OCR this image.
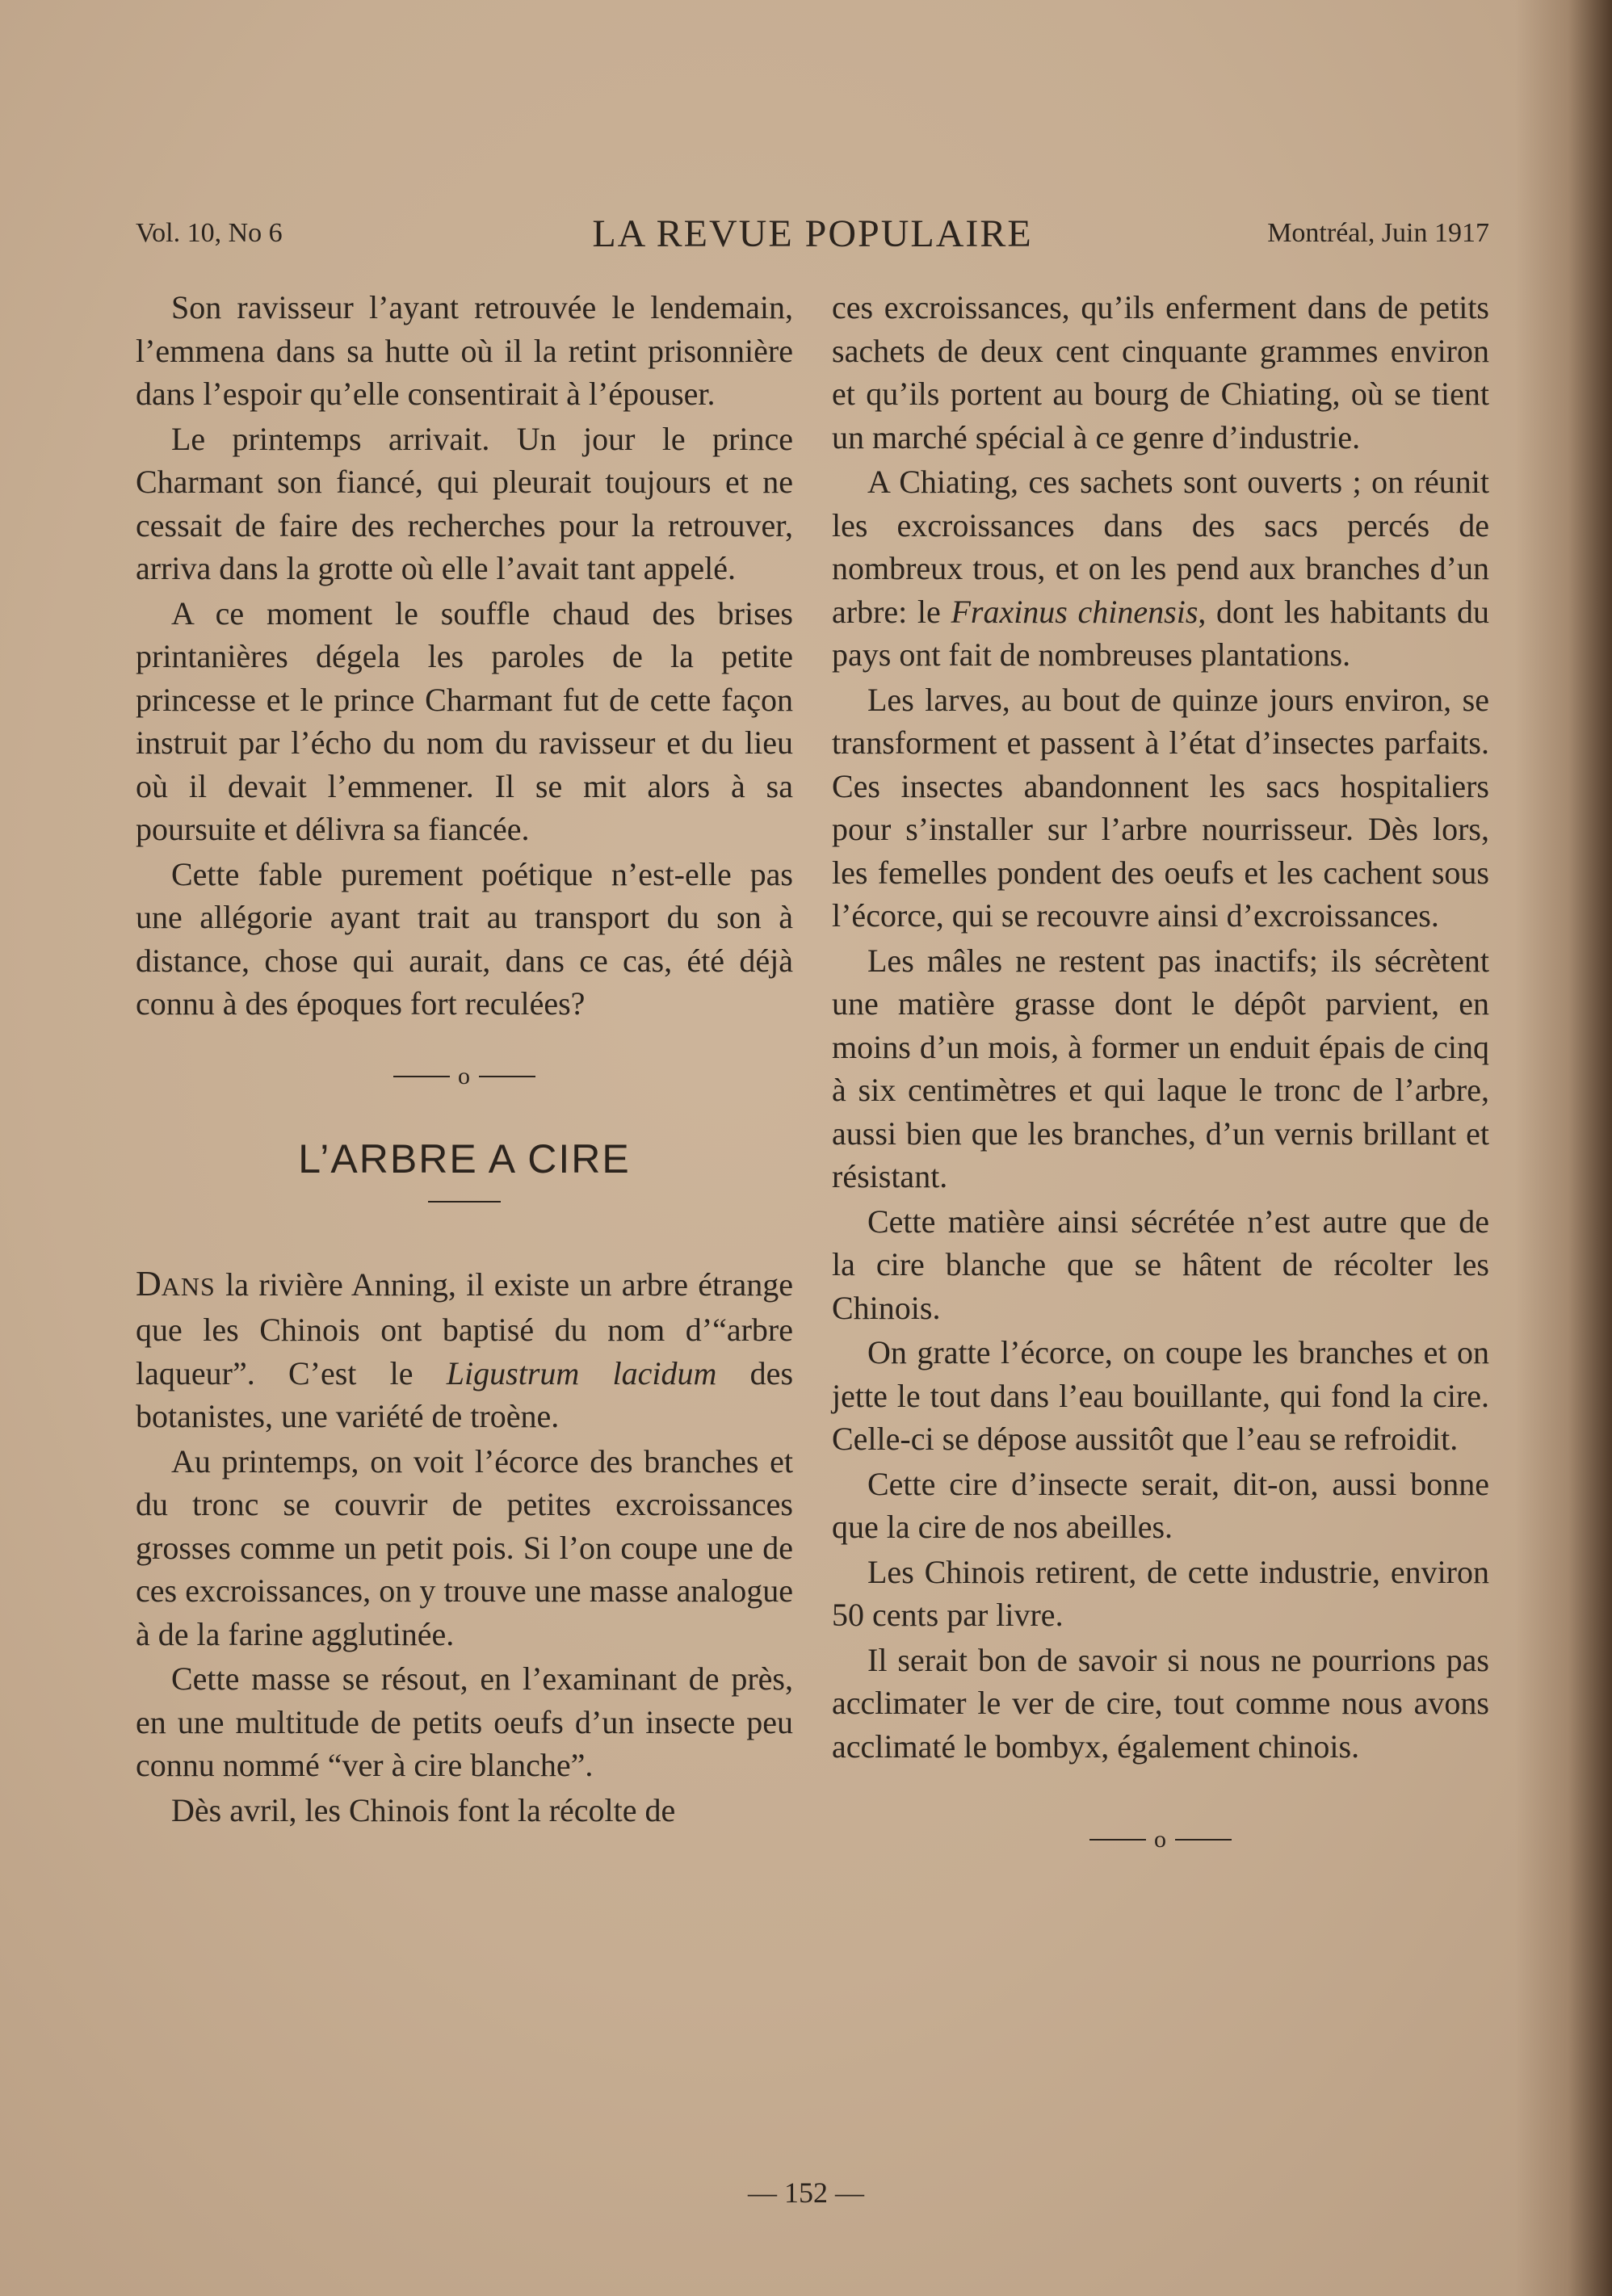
Vol. 10, No 6	LA REVUE POPULAIRE	Montréal, Juin 1917

Son ravisseur l’ayant retrouvée le lendemain, l’emmena dans sa hutte où il la retint prisonnière dans l’espoir qu’elle consentirait à l’épouser.

Le printemps arrivait. Un jour le prince Charmant son fiancé, qui pleurait toujours et ne cessait de faire des recherches pour la retrouver, arriva dans la grotte où elle l’avait tant appelé.

A ce moment le souffle chaud des brises printanières dégela les paroles de la petite princesse et le prince Charmant fut de cette façon instruit par l’écho du nom du ravisseur et du lieu où il devait l’emmener. Il se mit alors à sa poursuite et délivra sa fiancée.

Cette fable purement poétique n’est-elle pas une allégorie ayant trait au transport du son à distance, chose qui aurait, dans ce cas, été déjà connu à des époques fort reculées?

o
L’ARBRE A CIRE

DANS la rivière Anning, il existe un arbre étrange que les Chinois ont baptisé du nom d’“arbre laqueur”. C’est le Ligustrum lacidum des botanistes, une variété de troène.

Au printemps, on voit l’écorce des branches et du tronc se couvrir de petites excroissances grosses comme un petit pois. Si l’on coupe une de ces excroissances, on y trouve une masse analogue à de la farine agglutinée.

Cette masse se résout, en l’examinant de près, en une multitude de petits oeufs d’un insecte peu connu nommé “ver à cire blanche”.

Dès avril, les Chinois font la récolte de

ces excroissances, qu’ils enferment dans de petits sachets de deux cent cinquante grammes environ et qu’ils portent au bourg de Chiating, où se tient un marché spécial à ce genre d’industrie.

A Chiating, ces sachets sont ouverts ; on réunit les excroissances dans des sacs percés de nombreux trous, et on les pend aux branches d’un arbre: le Fraxinus chinensis, dont les habitants du pays ont fait de nombreuses plantations.

Les larves, au bout de quinze jours environ, se transforment et passent à l’état d’insectes parfaits. Ces insectes abandonnent les sacs hospitaliers pour s’installer sur l’arbre nourrisseur. Dès lors, les femelles pondent des oeufs et les cachent sous l’écorce, qui se recouvre ainsi d’excroissances.

Les mâles ne restent pas inactifs; ils sécrètent une matière grasse dont le dépôt parvient, en moins d’un mois, à former un enduit épais de cinq à six centimètres et qui laque le tronc de l’arbre, aussi bien que les branches, d’un vernis brillant et résistant.

Cette matière ainsi sécrétée n’est autre que de la cire blanche que se hâtent de récolter les Chinois.

On gratte l’écorce, on coupe les branches et on jette le tout dans l’eau bouillante, qui fond la cire. Celle-ci se dépose aussitôt que l’eau se refroidit.

Cette cire d’insecte serait, dit-on, aussi bonne que la cire de nos abeilles.

Les Chinois retirent, de cette industrie, environ 50 cents par livre.

Il serait bon de savoir si nous ne pourrions pas acclimater le ver de cire, tout comme nous avons acclimaté le bombyx, également chinois.

o
— 152 —
